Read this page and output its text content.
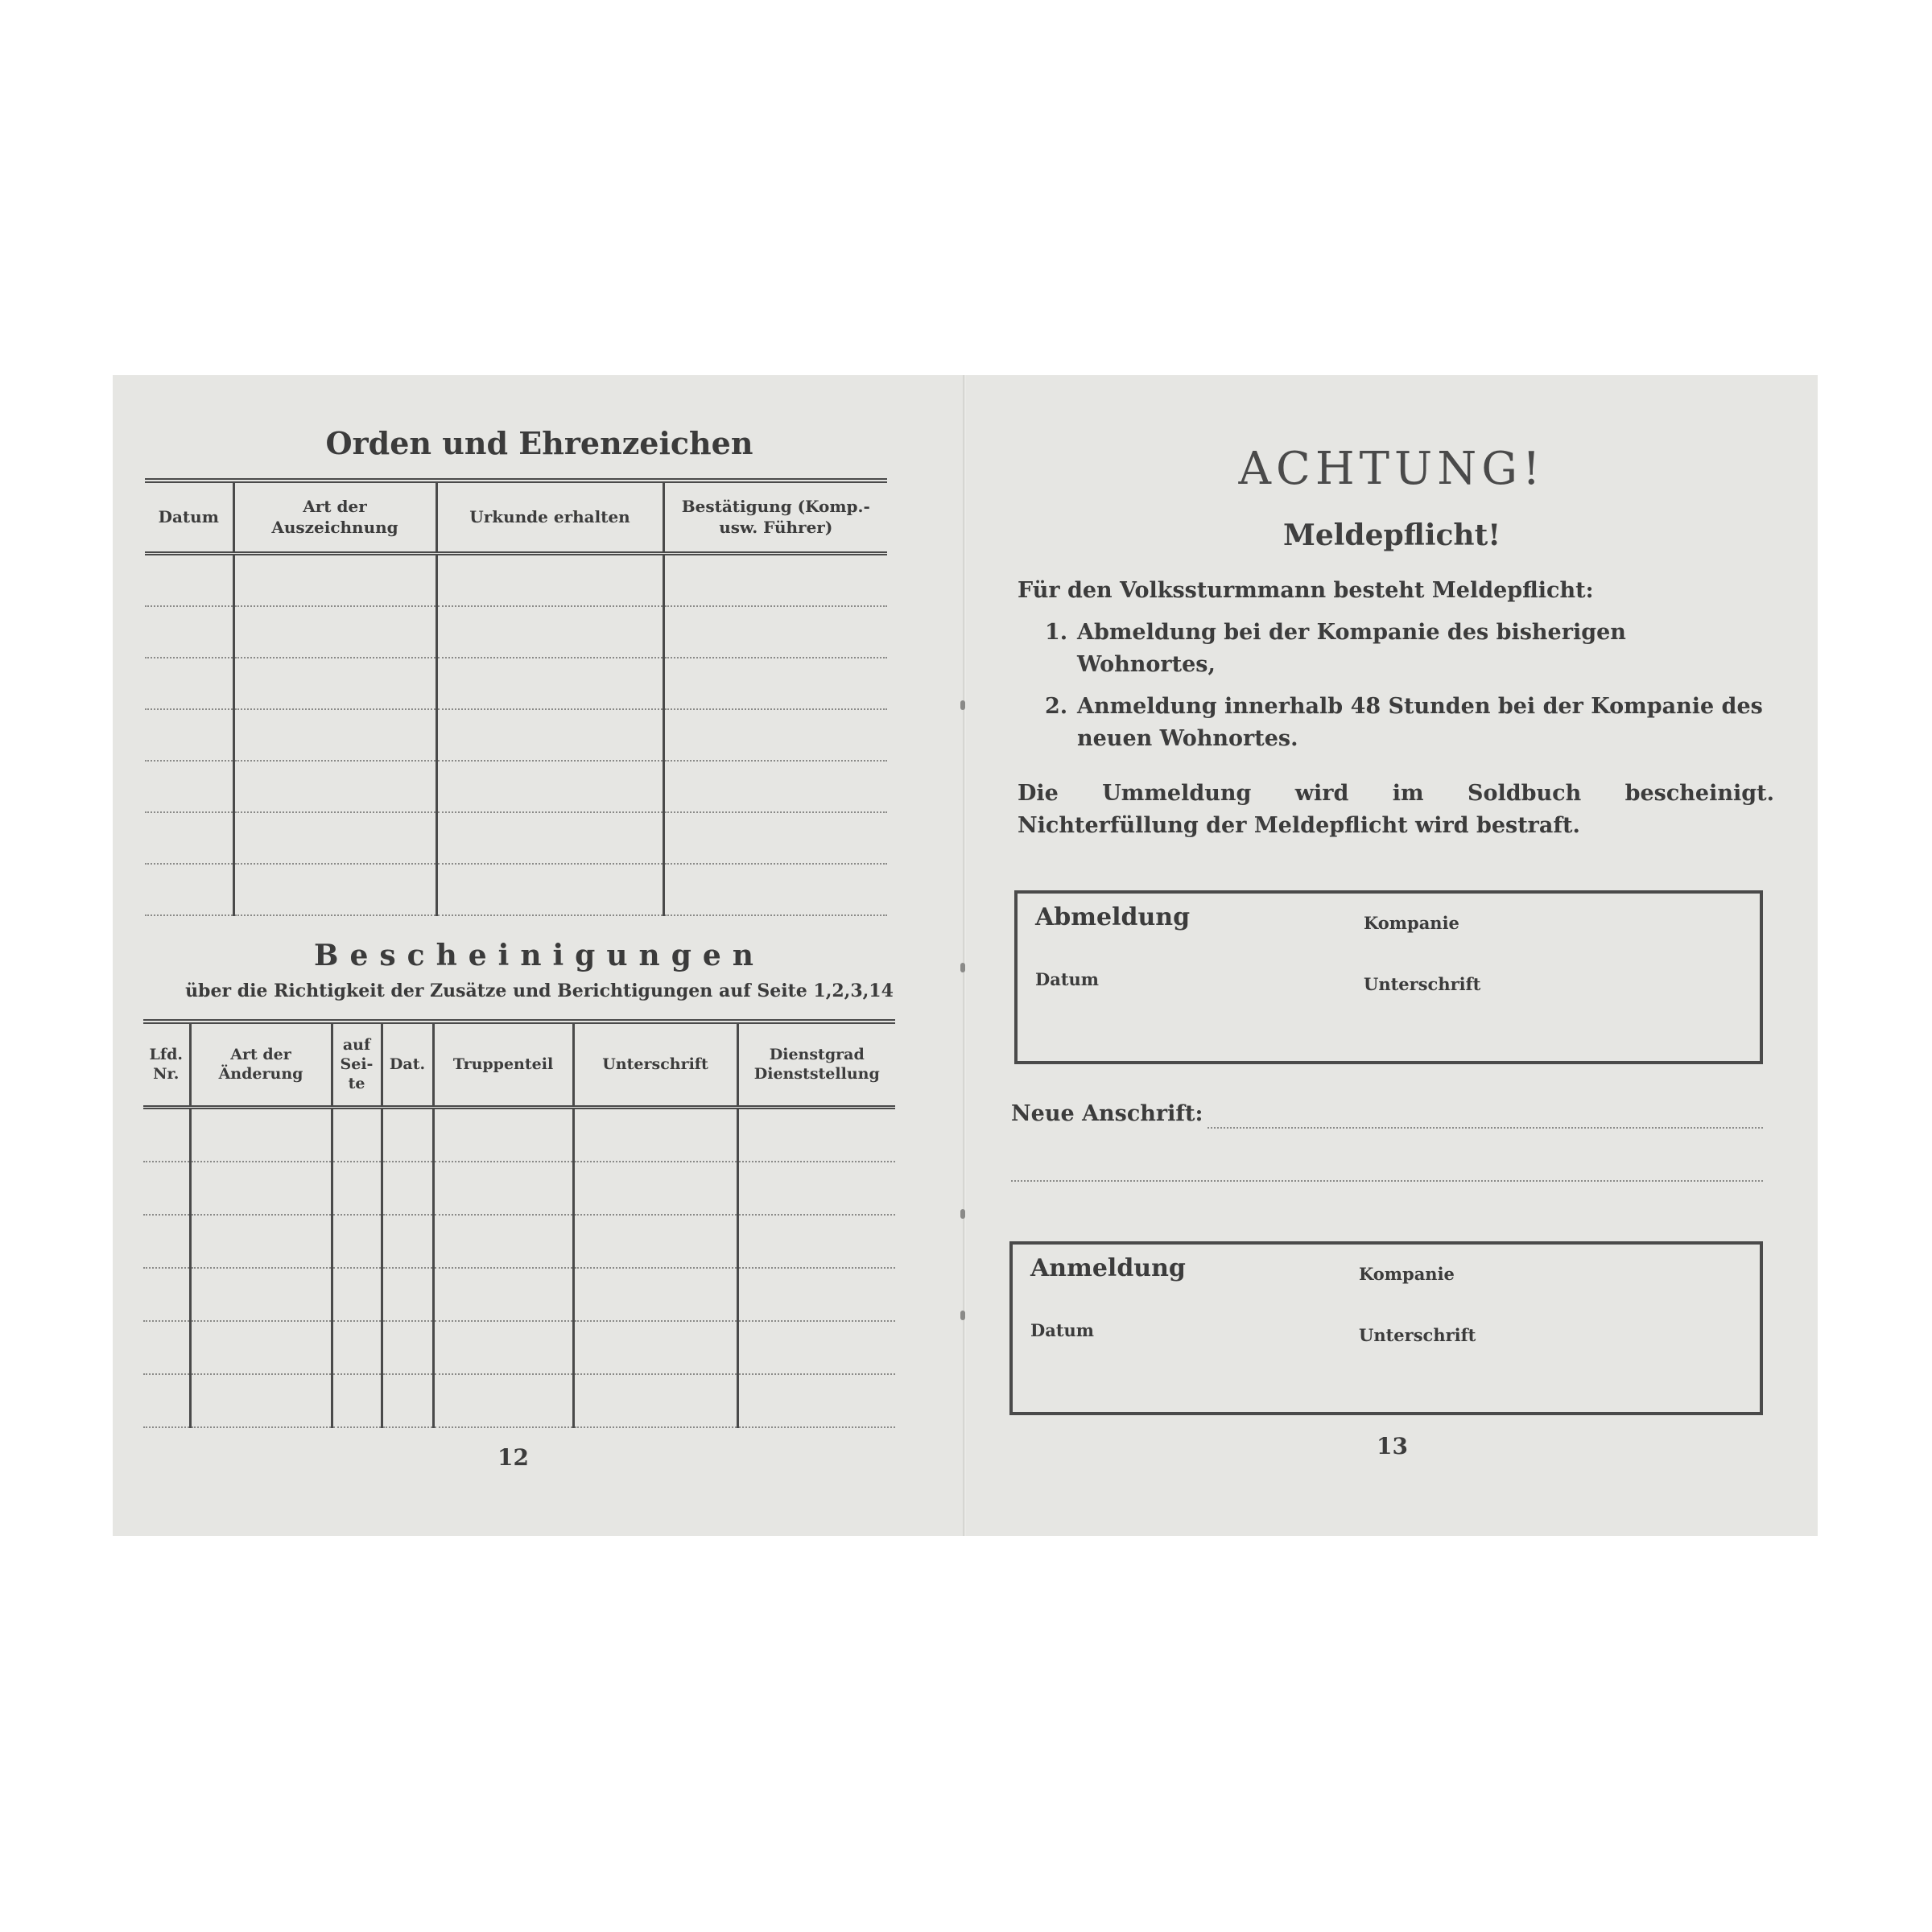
Orden und Ehrenzeichen
Datum	Art der Auszeichnung	Urkunde erhalten	Bestätigung (Komp.-usw. Führer)

Bescheinigungen
über die Richtigkeit der Zusätze und Berichtigungen auf Seite 1,2,3,14
Lfd. Nr.	Art der Änderung	auf Sei-te	Dat.	Truppenteil	Unterschrift	Dienstgrad Dienststellung

12
ACHTUNG!
Meldepflicht!
Für den Volkssturmmann besteht Meldepflicht:
1. Abmeldung bei der Kompanie des bisherigen Wohnortes,
2. Anmeldung innerhalb 48 Stunden bei der Kompanie des neuen Wohnortes.
Die Ummeldung wird im Soldbuch bescheinigt. Nichterfüllung der Meldepflicht wird bestraft.
Abmeldung	Kompanie
Datum	Unterschrift
Neue Anschrift:
Anmeldung	Kompanie
Datum	Unterschrift
13
